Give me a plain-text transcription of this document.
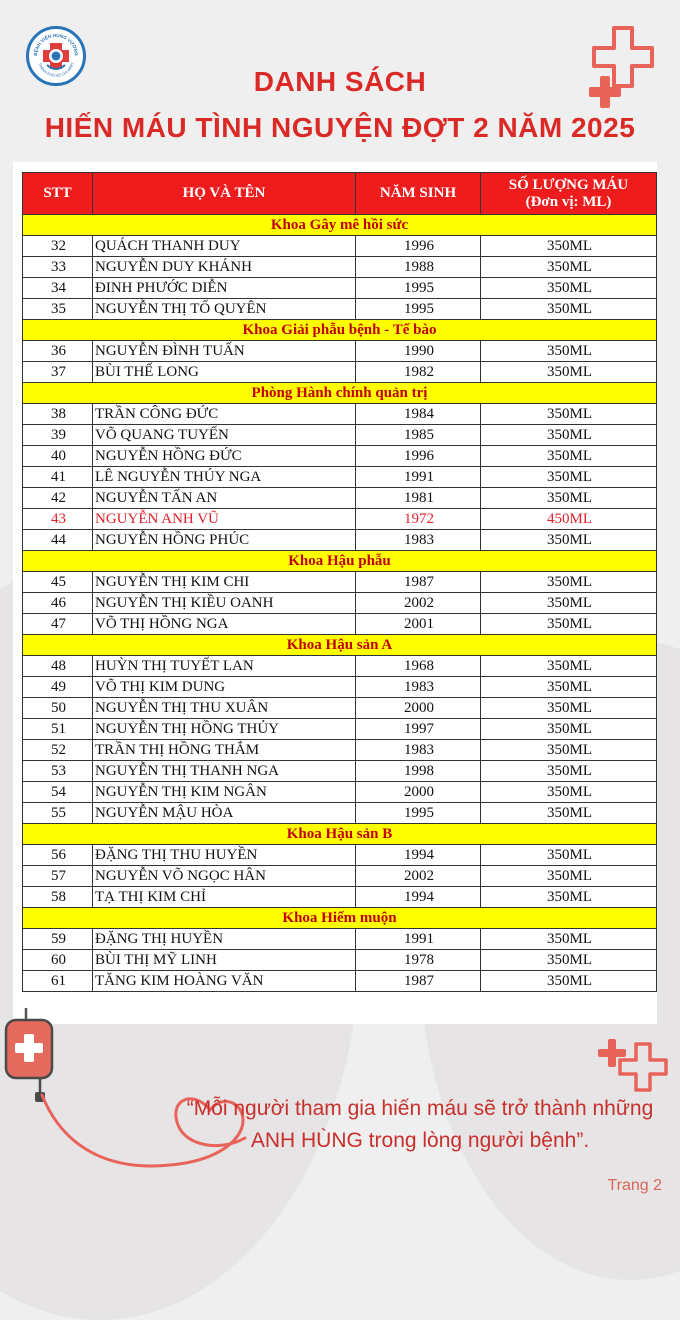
BỆNH VIỆN HÙNG VƯƠNG
THÀNH PHỐ HỒ CHÍ MINH
DANH SÁCH
HIẾN MÁU TÌNH NGUYỆN ĐỢT 2 NĂM 2025
STT	HỌ VÀ TÊN	NĂM SINH	SỐ LƯỢNG MÁU
(Đơn vị: ML)

Khoa Gây mê hồi sức			
32	QUÁCH THANH DUY	1996	350ML
33	NGUYỄN DUY KHÁNH	1988	350ML
34	ĐINH PHƯỚC DIỄN	1995	350ML
35	NGUYỄN THỊ TỐ QUYÊN	1995	350ML
Khoa Giải phẫu bệnh - Tế bào			
36	NGUYỄN ĐÌNH TUẤN	1990	350ML
37	BÙI THẾ LONG	1982	350ML
Phòng Hành chính quản trị			
38	TRẦN CÔNG ĐỨC	1984	350ML
39	VÕ QUANG TUYẾN	1985	350ML
40	NGUYỄN HỒNG ĐỨC	1996	350ML
41	LÊ NGUYỄN THÚY NGA	1991	350ML
42	NGUYỄN TẤN AN	1981	350ML
43	NGUYỄN ANH VŨ	1972	450ML
44	NGUYỄN HỒNG PHÚC	1983	350ML
Khoa Hậu phẫu			
45	NGUYỄN THỊ KIM CHI	1987	350ML
46	NGUYỄN THỊ KIỀU OANH	2002	350ML
47	VÕ THỊ HỒNG NGA	2001	350ML
Khoa Hậu sản A			
48	HUỲN THỊ TUYẾT LAN	1968	350ML
49	VÕ THỊ KIM DUNG	1983	350ML
50	NGUYỄN THỊ THU XUÂN	2000	350ML
51	NGUYỄN THỊ HỒNG THỦY	1997	350ML
52	TRẦN THỊ HỒNG THẮM	1983	350ML
53	NGUYỄN THỊ THANH NGA	1998	350ML
54	NGUYỄN THỊ KIM NGÂN	2000	350ML
55	NGUYỄN MẬU HÒA	1995	350ML
Khoa Hậu sản B			
56	ĐẶNG THỊ THU HUYỀN	1994	350ML
57	NGUYỄN VÕ NGỌC HÂN	2002	350ML
58	TẠ THỊ KIM CHỈ	1994	350ML
Khoa Hiếm muộn			
59	ĐẶNG THỊ HUYỀN	1991	350ML
60	BÙI THỊ MỸ LINH	1978	350ML
61	TĂNG KIM HOÀNG VĂN	1987	350ML
“Mỗi người tham gia hiến máu sẽ trở thành những
ANH HÙNG trong lòng người bệnh”.
Trang 2
